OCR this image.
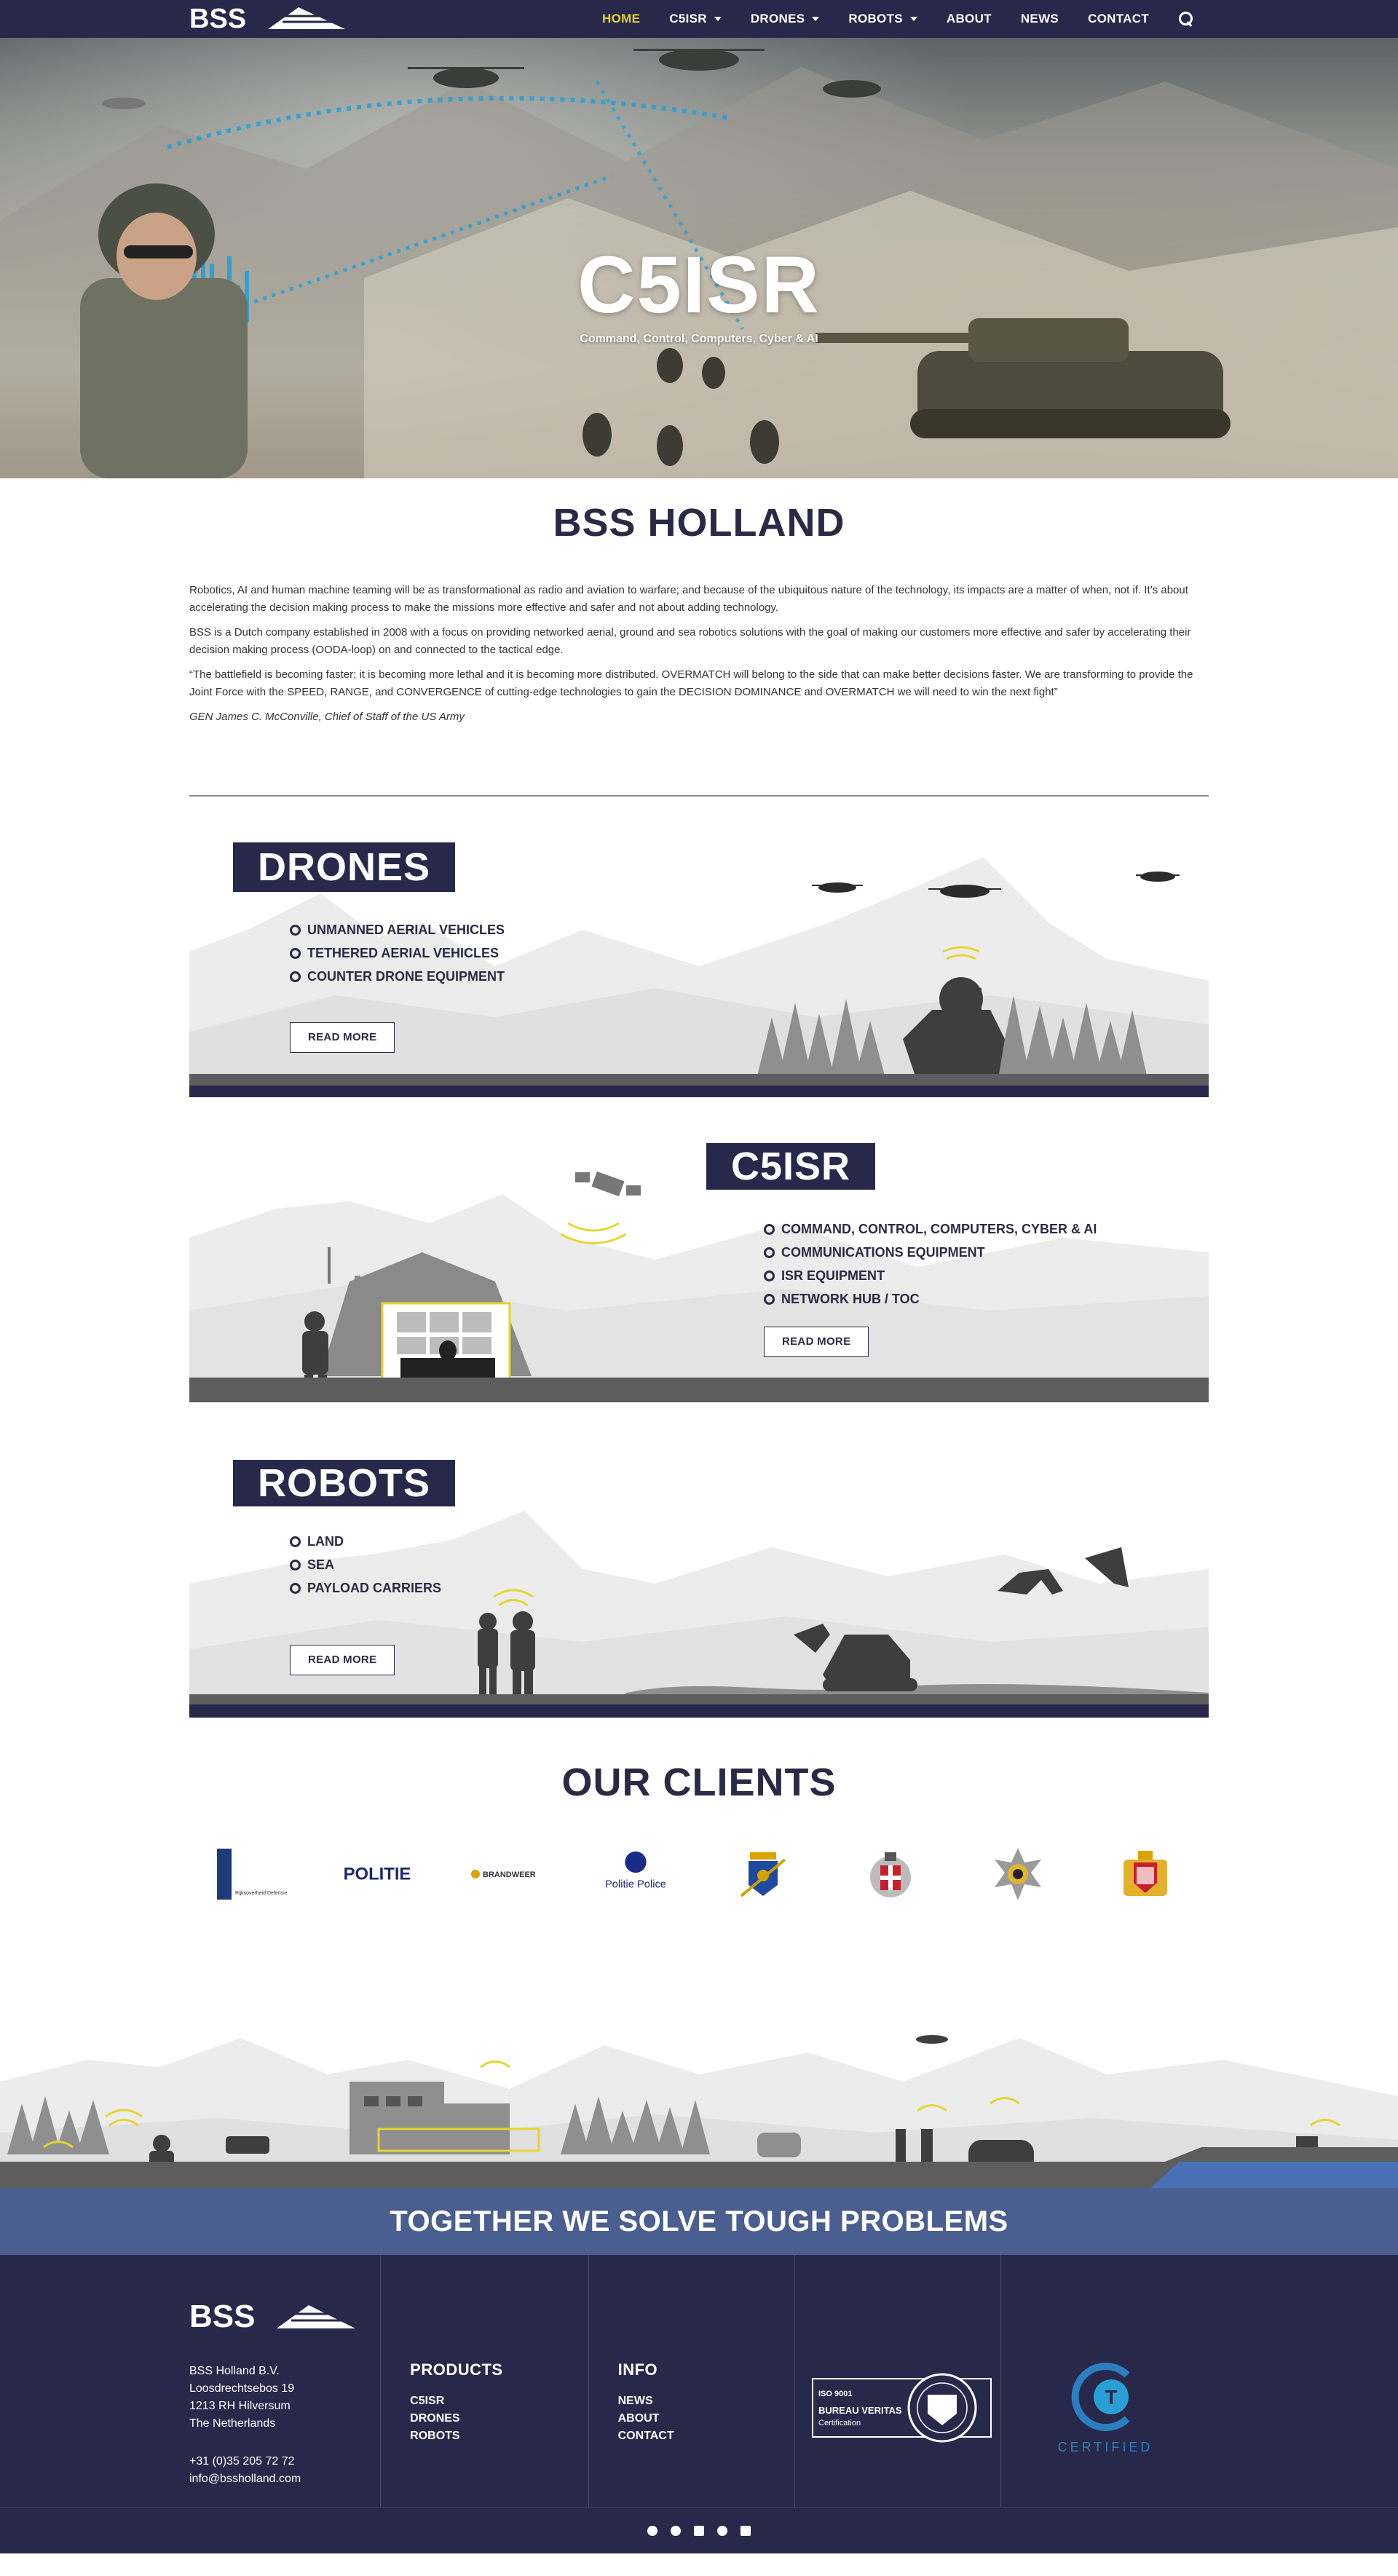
BSS	HOME C5ISR	DRONES	ROBOTS	ABOUT NEWS CONTACT
C5ISR
Command, Control, Computers, Cyber & AI
BSS HOLLAND

Robotics, AI and human machine teaming will be as transformational as radio and aviation to warfare; and because of the ubiquitous nature of the technology, its impacts are a matter of when, not if. It’s about accelerating the decision making process to make the missions more effective and safer and not about adding technology.

BSS is a Dutch company established in 2008 with a focus on providing networked aerial, ground and sea robotics solutions with the goal of making our customers more effective and safer by accelerating their decision making process (OODA-loop) on and connected to the tactical edge.

“The battlefield is becoming faster; it is becoming more lethal and it is becoming more distributed. OVERMATCH will belong to the side that can make better decisions faster. We are transforming to provide the Joint Force with the SPEED, RANGE, and CONVERGENCE of cutting-edge technologies to gain the DECISION DOMINANCE and OVERMATCH we will need to win the next fight”

GEN James C. McConville, Chief of Staff of the US Army

DRONES
UNMANNED AERIAL VEHICLES
TETHERED AERIAL VEHICLES
COUNTER DRONE EQUIPMENT
READ MORE
C5ISR
COMMAND, CONTROL, COMPUTERS, CYBER & AI
COMMUNICATIONS EQUIPMENT
ISR EQUIPMENT
NETWORK HUB / TOC
READ MORE
ROBOTS
LAND
SEA
PAYLOAD CARRIERS
READ MORE
OUR CLIENTS
Rijksoverheid Defensie
POLITIE	BRANDWEER
Politie Police
TOGETHER WE SOLVE TOUGH PROBLEMS
BSS
BSS Holland B.V.
Loosdrechtsebos 19
1213 RH Hilversum
The Netherlands
+31 (0)35 205 72 72
info@bssholland.com
PRODUCTS
C5ISR
DRONES
ROBOTS
INFO
NEWS
ABOUT
CONTACT
ISO 9001
BUREAU VERITAS
Certification
1828
T
CERTIFIED
